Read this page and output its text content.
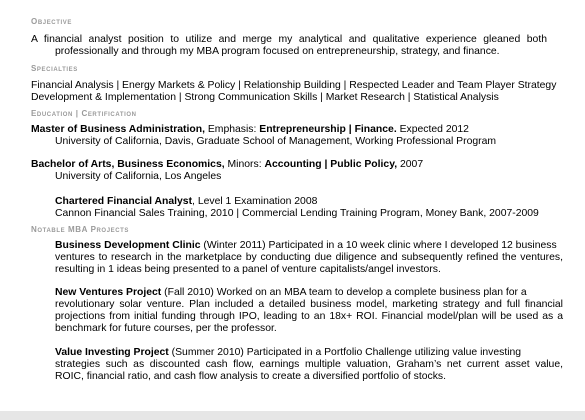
Objective
A financial analyst position to utilize and merge my analytical and qualitative experience gleaned both
professionally and through my MBA program focused on entrepreneurship, strategy, and finance.
Specialties
Financial Analysis | Energy Markets & Policy | Relationship Building | Respected Leader and Team Player Strategy
Development & Implementation | Strong Communication Skills | Market Research | Statistical Analysis
Education | Certification
Master of Business Administration, Emphasis: Entrepreneurship | Finance. Expected 2012
University of California, Davis, Graduate School of Management, Working Professional Program
Bachelor of Arts, Business Economics, Minors: Accounting | Public Policy, 2007
University of California, Los Angeles
Chartered Financial Analyst, Level 1 Examination 2008
Cannon Financial Sales Training, 2010 | Commercial Lending Training Program, Money Bank, 2007-2009
Notable MBA Projects
Business Development Clinic (Winter 2011) Participated in a 10 week clinic where I developed 12 business
ventures to research in the marketplace by conducting due diligence and subsequently refined the ventures,
resulting in 1 ideas being presented to a panel of venture capitalists/angel investors.
New Ventures Project (Fall 2010) Worked on an MBA team to develop a complete business plan for a
revolutionary solar venture. Plan included a detailed business model, marketing strategy and full financial
projections from initial funding through IPO, leading to an 18x+ ROI. Financial model/plan will be used as a
benchmark for future courses, per the professor.
Value Investing Project (Summer 2010) Participated in a Portfolio Challenge utilizing value investing
strategies such as discounted cash flow, earnings multiple valuation, Graham’s net current asset value,
ROIC, financial ratio, and cash flow analysis to create a diversified portfolio of stocks.
